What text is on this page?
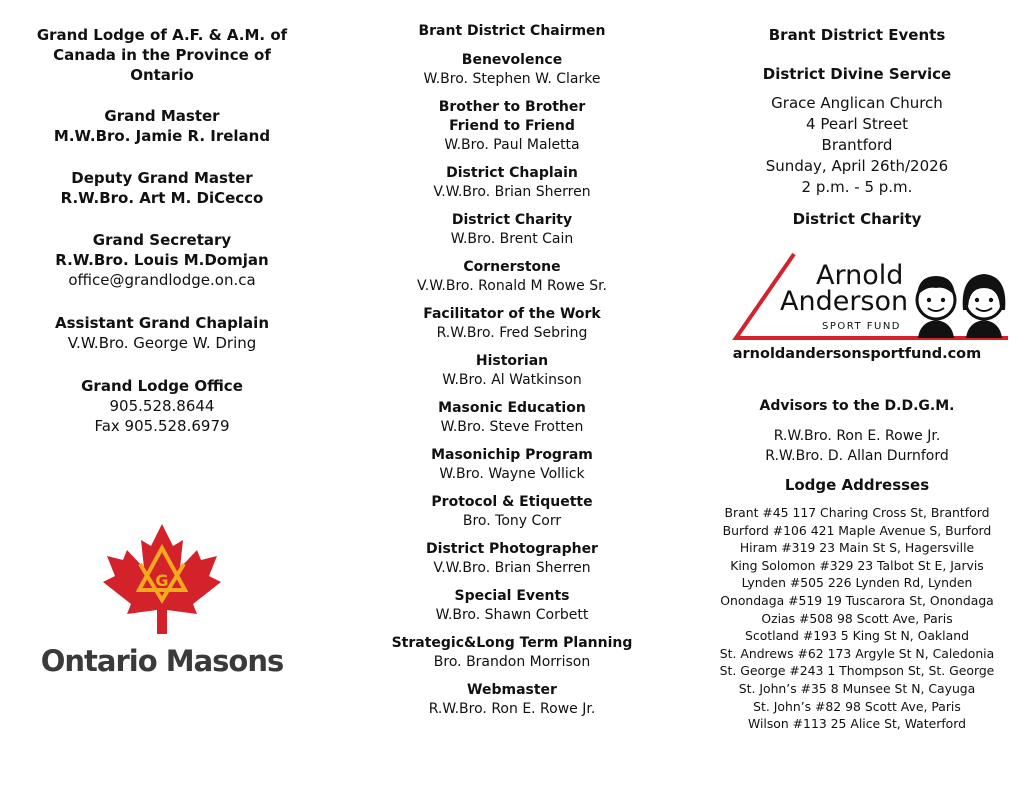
Grand Lodge of A.F. & A.M. of
Canada in the Province of
Ontario
Grand Master
M.W.Bro. Jamie R. Ireland
Deputy Grand Master
R.W.Bro. Art M. DiCecco
Grand Secretary
R.W.Bro. Louis M.Domjan
office@grandlodge.on.ca
Assistant Grand Chaplain
V.W.Bro. George W. Dring
Grand Lodge Office
905.528.8644
Fax 905.528.6979
G
Ontario Masons
Brant District Chairmen
Benevolence
W.Bro. Stephen W. Clarke
Brother to Brother
Friend to Friend
W.Bro. Paul Maletta
District Chaplain
V.W.Bro. Brian Sherren
District Charity
W.Bro. Brent Cain
Cornerstone
V.W.Bro. Ronald M Rowe Sr.
Facilitator of the Work
R.W.Bro. Fred Sebring
Historian
W.Bro. Al Watkinson
Masonic Education
W.Bro. Steve Frotten
Masonichip Program
W.Bro. Wayne Vollick
Protocol & Etiquette
Bro. Tony Corr
District Photographer
V.W.Bro. Brian Sherren
Special Events
W.Bro. Shawn Corbett
Strategic&Long Term Planning
Bro. Brandon Morrison
Webmaster
R.W.Bro. Ron E. Rowe Jr.
Brant District Events
District Divine Service
Grace Anglican Church
4 Pearl Street
Brantford
Sunday, April 26th/2026
2 p.m. - 5 p.m.
District Charity
arnoldandersonsportfund.com
Advisors to the D.D.G.M.
R.W.Bro. Ron E. Rowe Jr.
R.W.Bro. D. Allan Durnford
Lodge Addresses
Brant #45 117 Charing Cross St, Brantford
Burford #106 421 Maple Avenue S, Burford
Hiram #319 23 Main St S, Hagersville
King Solomon #329 23 Talbot St E, Jarvis
Lynden #505 226 Lynden Rd, Lynden
Onondaga #519 19 Tuscarora St, Onondaga
Ozias #508 98 Scott Ave, Paris
Scotland #193 5 King St N, Oakland
St. Andrews #62 173 Argyle St N, Caledonia
St. George #243 1 Thompson St, St. George
St. John’s #35 8 Munsee St N, Cayuga
St. John’s #82 98 Scott Ave, Paris
Wilson #113 25 Alice St, Waterford
Arnold
Anderson
SPORT FUND
